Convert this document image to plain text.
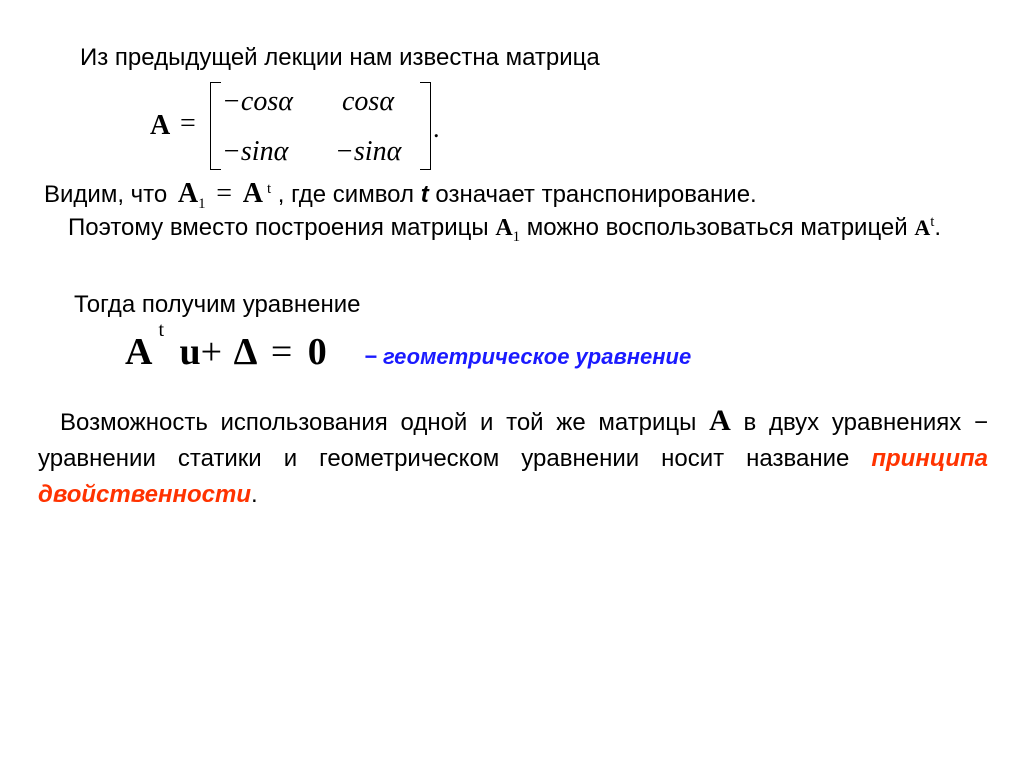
Из предыдущей лекции нам известна матрица
A =
−cosα cosα
−sinα −sinα
.
Видим, что $A_1 = A$ $^t$ , где символ t означает транспонирование.
Поэтому вместо построения матрицы $A_1$ можно воспользоваться матрицей $A^t$.
Тогда получим уравнение
$A^t$ u+ Δ = 0 − геометрическое уравнение
Возможность использования одной и той же матрицы A в двух уравнениях − уравнении статики и геометрическом уравнении носит название принципа двойственности.
